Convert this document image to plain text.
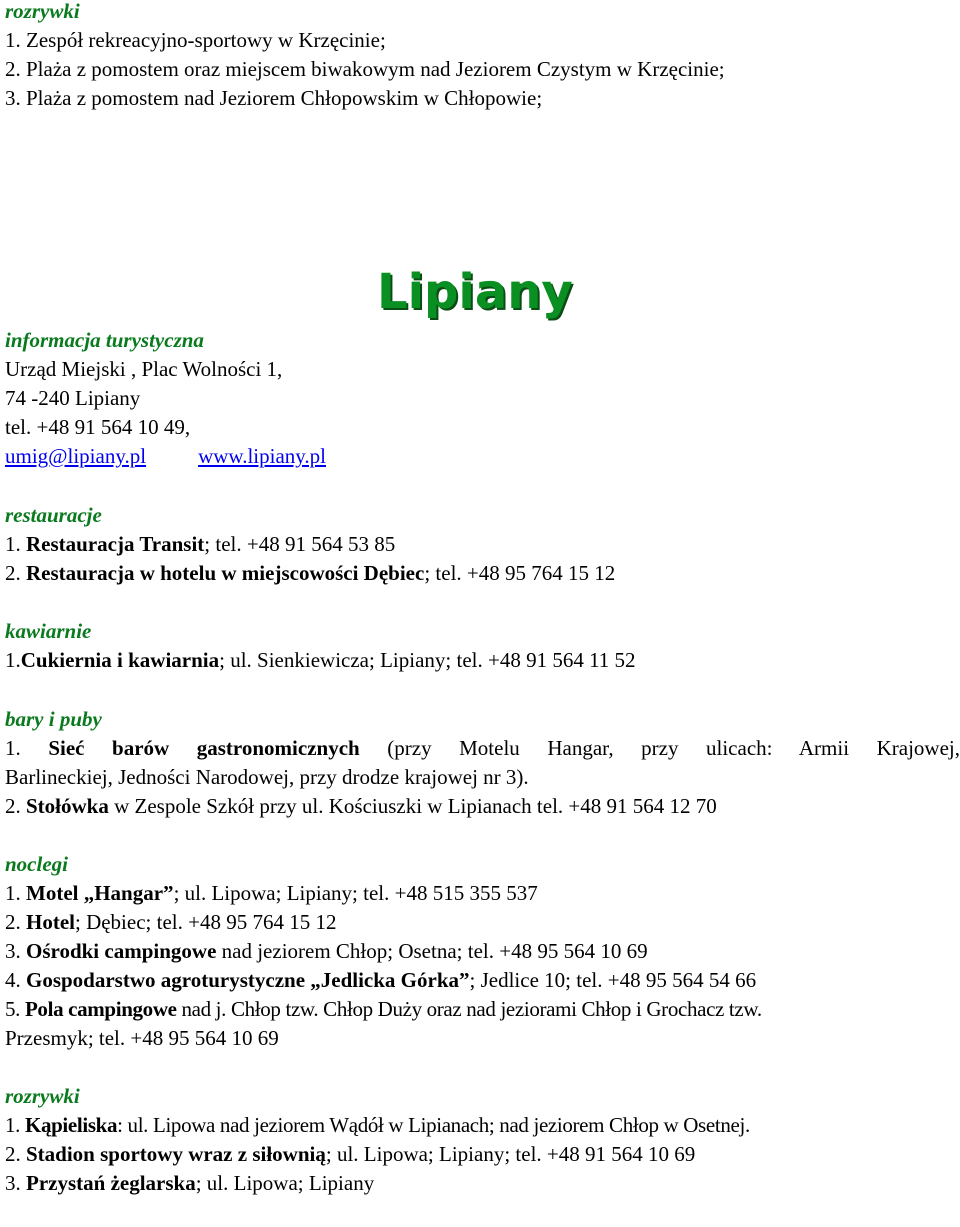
rozrywki
1. Zespół rekreacyjno-sportowy w Krzęcinie;
2. Plaża z pomostem oraz miejscem biwakowym nad Jeziorem Czystym w Krzęcinie;
3. Plaża z pomostem nad Jeziorem Chłopowskim w Chłopowie;
Lipiany
informacja turystyczna
Urząd Miejski , Plac Wolności 1,
74 -240 Lipiany
tel. +48 91 564 10 49,
umig@lipiany.pl www.lipiany.pl
restauracje
1. Restauracja Transit; tel. +48 91 564 53 85
2. Restauracja w hotelu w miejscowości Dębiec; tel. +48 95 764 15 12
kawiarnie
1.Cukiernia i kawiarnia; ul. Sienkiewicza; Lipiany; tel. +48 91 564 11 52
bary i puby
1. Sieć barów gastronomicznych (przy Motelu Hangar, przy ulicach: Armii Krajowej,
Barlineckiej, Jedności Narodowej, przy drodze krajowej nr 3).
2. Stołówka w Zespole Szkół przy ul. Kościuszki w Lipianach tel. +48 91 564 12 70
noclegi
1. Motel „Hangar”; ul. Lipowa; Lipiany; tel. +48 515 355 537
2. Hotel; Dębiec; tel. +48 95 764 15 12
3. Ośrodki campingowe nad jeziorem Chłop; Osetna; tel. +48 95 564 10 69
4. Gospodarstwo agroturystyczne „Jedlicka Górka”; Jedlice 10; tel. +48 95 564 54 66
5. Pola campingowe nad j. Chłop tzw. Chłop Duży oraz nad jeziorami Chłop i Grochacz tzw.
Przesmyk; tel. +48 95 564 10 69
rozrywki
1. Kąpieliska: ul. Lipowa nad jeziorem Wądół w Lipianach; nad jeziorem Chłop w Osetnej.
2. Stadion sportowy wraz z siłownią; ul. Lipowa; Lipiany; tel. +48 91 564 10 69
3. Przystań żeglarska; ul. Lipowa; Lipiany
